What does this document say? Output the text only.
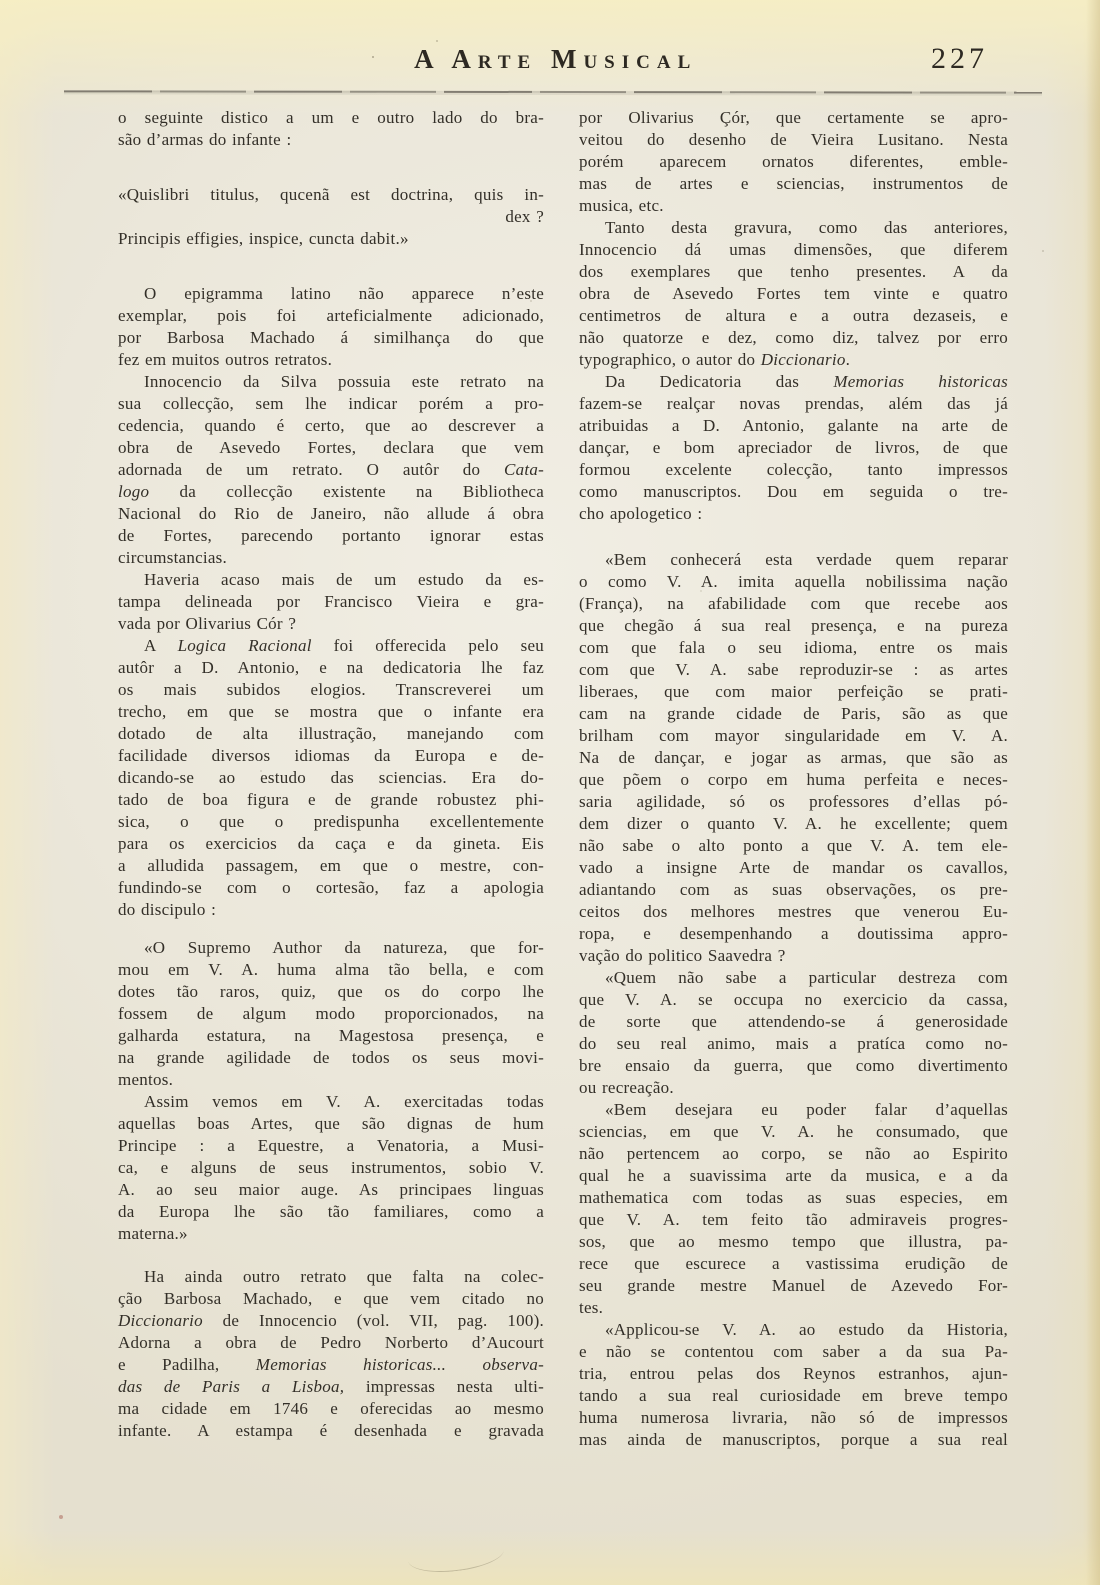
A Arte Musical	227
o seguinte distico a um e outro lado do bra-
são d’armas do infante :
«Quislibri titulus, qucenã est doctrina, quis in-
dex ?
Principis effigies, inspice, cuncta dabit.»
O epigramma latino não apparece n’este
exemplar, pois foi arteficialmente adicionado,
por Barbosa Machado á similhança do que
fez em muitos outros retratos.
Innocencio da Silva possuia este retrato na
sua collecção, sem lhe indicar porém a pro-
cedencia, quando é certo, que ao descrever a
obra de Asevedo Fortes, declara que vem
adornada de um retrato. O autôr do Cata-
logo da collecção existente na Bibliotheca
Nacional do Rio de Janeiro, não allude á obra
de Fortes, parecendo portanto ignorar estas
circumstancias.
Haveria acaso mais de um estudo da es-
tampa delineada por Francisco Vieira e gra-
vada por Olivarius Cór ?
A Logica Racional foi offerecida pelo seu
autôr a D. Antonio, e na dedicatoria lhe faz
os mais subidos elogios. Transcreverei um
trecho, em que se mostra que o infante era
dotado de alta illustração, manejando com
facilidade diversos idiomas da Europa e de-
dicando-se ao estudo das sciencias. Era do-
tado de boa figura e de grande robustez phi-
sica, o que o predispunha excellentemente
para os exercicios da caça e da gineta. Eis
a alludida passagem, em que o mestre, con-
fundindo-se com o cortesão, faz a apologia
do discipulo :
«O Supremo Author da natureza, que for-
mou em V. A. huma alma tão bella, e com
dotes tão raros, quiz, que os do corpo lhe
fossem de algum modo proporcionados, na
galharda estatura, na Magestosa presença, e
na grande agilidade de todos os seus movi-
mentos.
Assim vemos em V. A. exercitadas todas
aquellas boas Artes, que são dignas de hum
Principe : a Equestre, a Venatoria, a Musi-
ca, e alguns de seus instrumentos, sobio V.
A. ao seu maior auge. As principaes linguas
da Europa lhe são tão familiares, como a
materna.»
Ha ainda outro retrato que falta na colec-
ção Barbosa Machado, e que vem citado no
Diccionario de Innocencio (vol. VII, pag. 100).
Adorna a obra de Pedro Norberto d’Aucourt
e Padilha, Memorias historicas... observa-
das de Paris a Lisboa, impressas nesta ulti-
ma cidade em 1746 e oferecidas ao mesmo
infante. A estampa é desenhada e gravada
por Olivarius Çór, que certamente se apro-
veitou do desenho de Vieira Lusitano. Nesta
porém aparecem ornatos diferentes, emble-
mas de artes e sciencias, instrumentos de
musica, etc.
Tanto desta gravura, como das anteriores,
Innocencio dá umas dimensões, que diferem
dos exemplares que tenho presentes. A da
obra de Asevedo Fortes tem vinte e quatro
centimetros de altura e a outra dezaseis, e
não quatorze e dez, como diz, talvez por erro
typographico, o autor do Diccionario.
Da Dedicatoria das Memorias historicas
fazem-se realçar novas prendas, além das já
atribuidas a D. Antonio, galante na arte de
dançar, e bom apreciador de livros, de que
formou excelente colecção, tanto impressos
como manuscriptos. Dou em seguida o tre-
cho apologetico :
«Bem conhecerá esta verdade quem reparar
o como V. A. imita aquella nobilissima nação
(França), na afabilidade com que recebe aos
que chegão á sua real presença, e na pureza
com que fala o seu idioma, entre os mais
com que V. A. sabe reproduzir-se : as artes
liberaes, que com maior perfeição se prati-
cam na grande cidade de Paris, são as que
brilham com mayor singularidade em V. A.
Na de dançar, e jogar as armas, que são as
que põem o corpo em huma perfeita e neces-
saria agilidade, só os professores d’ellas pó-
dem dizer o quanto V. A. he excellente; quem
não sabe o alto ponto a que V. A. tem ele-
vado a insigne Arte de mandar os cavallos,
adiantando com as suas observações, os pre-
ceitos dos melhores mestres que venerou Eu-
ropa, e desempenhando a doutissima appro-
vação do politico Saavedra ?
«Quem não sabe a particular destreza com
que V. A. se occupa no exercicio da cassa,
de sorte que attendendo-se á generosidade
do seu real animo, mais a pratíca como no-
bre ensaio da guerra, que como divertimento
ou recreação.
«Bem desejara eu poder falar d’aquellas
sciencias, em que V. A. he consumado, que
não pertencem ao corpo, se não ao Espirito
qual he a suavissima arte da musica, e a da
mathematica com todas as suas especies, em
que V. A. tem feito tão admiraveis progres-
sos, que ao mesmo tempo que illustra, pa-
rece que escurece a vastissima erudição de
seu grande mestre Manuel de Azevedo For-
tes.
«Applicou-se V. A. ao estudo da Historia,
e não se contentou com saber a da sua Pa-
tria, entrou pelas dos Reynos estranhos, ajun-
tando a sua real curiosidade em breve tempo
huma numerosa livraria, não só de impressos
mas ainda de manuscriptos, porque a sua real
